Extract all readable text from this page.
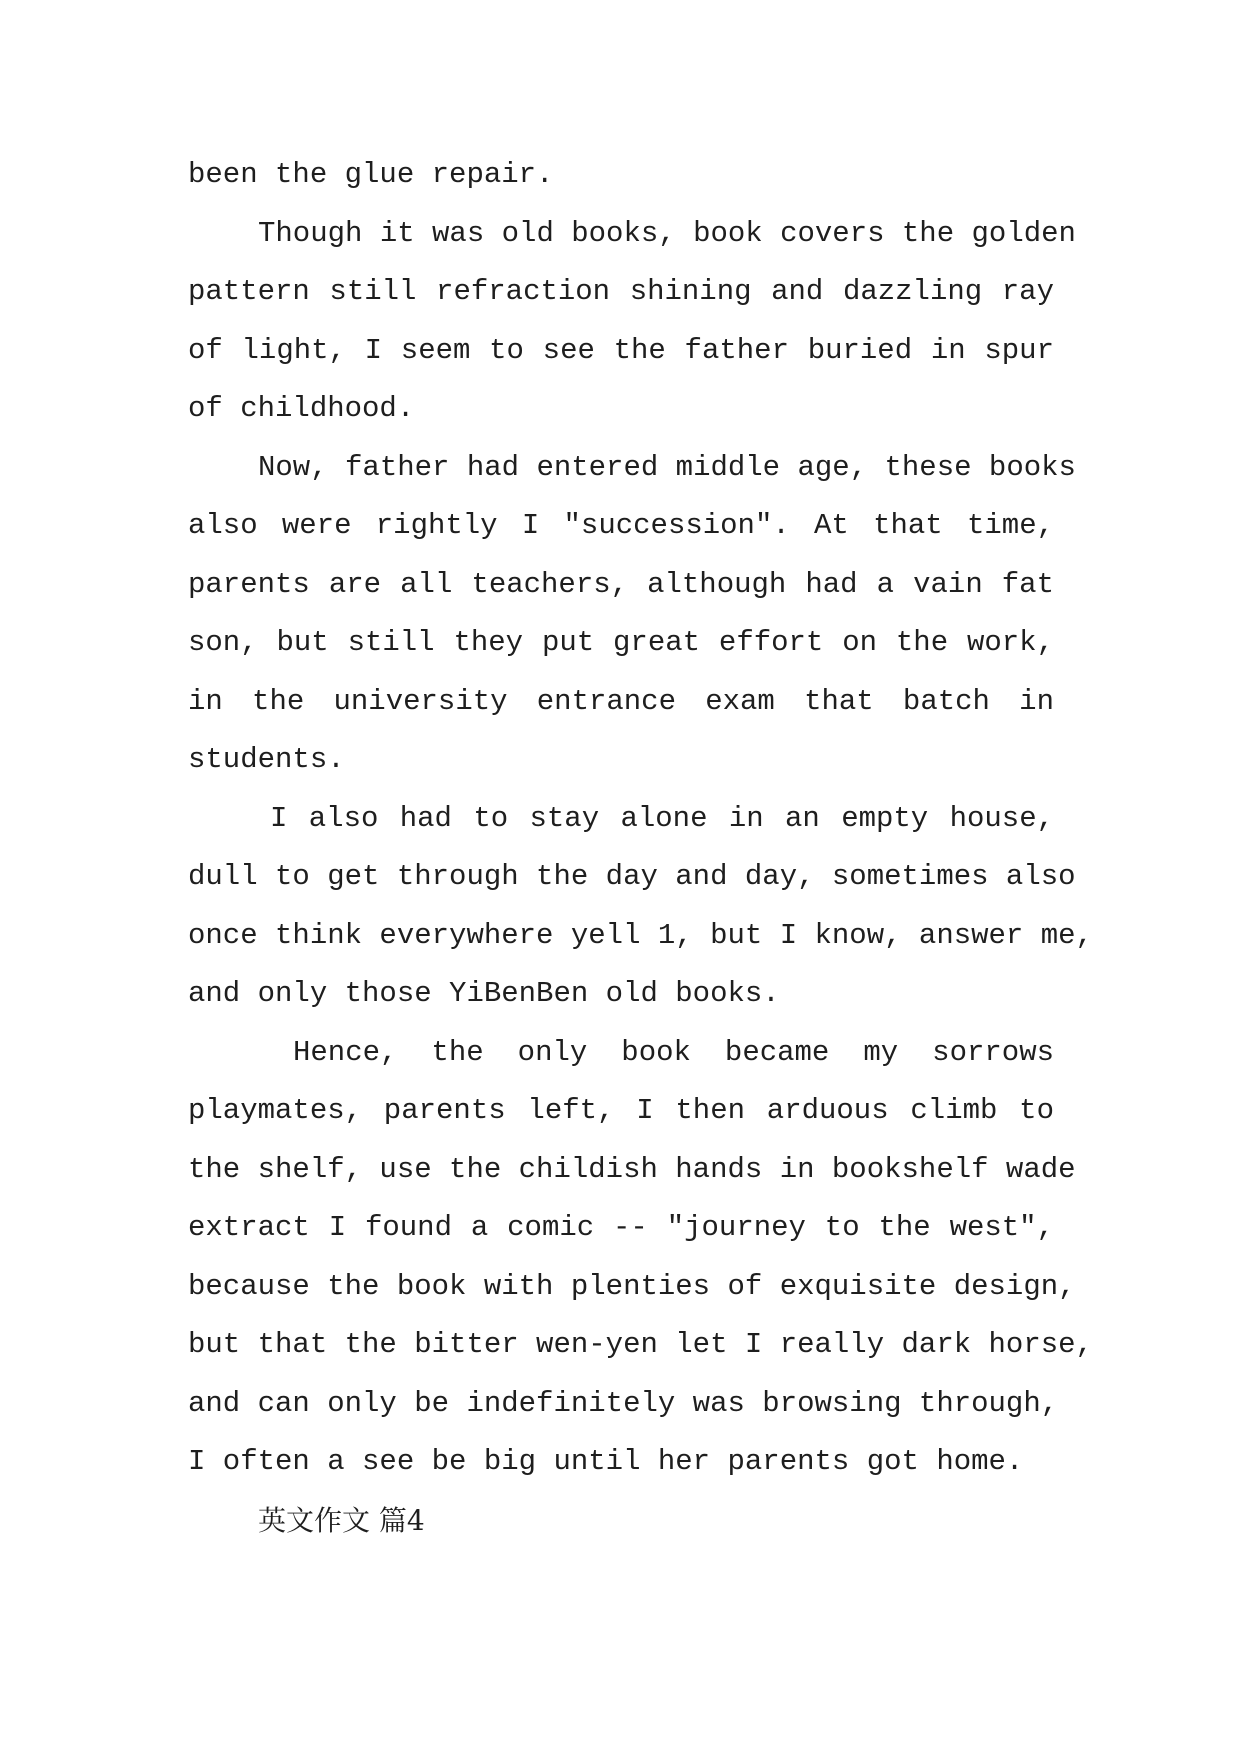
been the glue repair.
Though it was old books, book covers the golden
pattern still refraction shining and dazzling ray
of light, I seem to see the father buried in spur
of childhood.
Now, father had entered middle age, these books
also were rightly I "succession". At that time,
parents are all teachers, although had a vain fat
son, but still they put great effort on the work,
in the university entrance exam that batch in
students.
I also had to stay alone in an empty house,
dull to get through the day and day, sometimes also
once think everywhere yell 1, but I know, answer me,
and only those YiBenBen old books.
Hence, the only book became my sorrows
playmates, parents left, I then arduous climb to
the shelf, use the childish hands in bookshelf wade
extract I found a comic -- "journey to the west",
because the book with plenties of exquisite design,
but that the bitter wen-yen let I really dark horse,
and can only be indefinitely was browsing through,
I often a see be big until her parents got home.
英文作文 篇4
